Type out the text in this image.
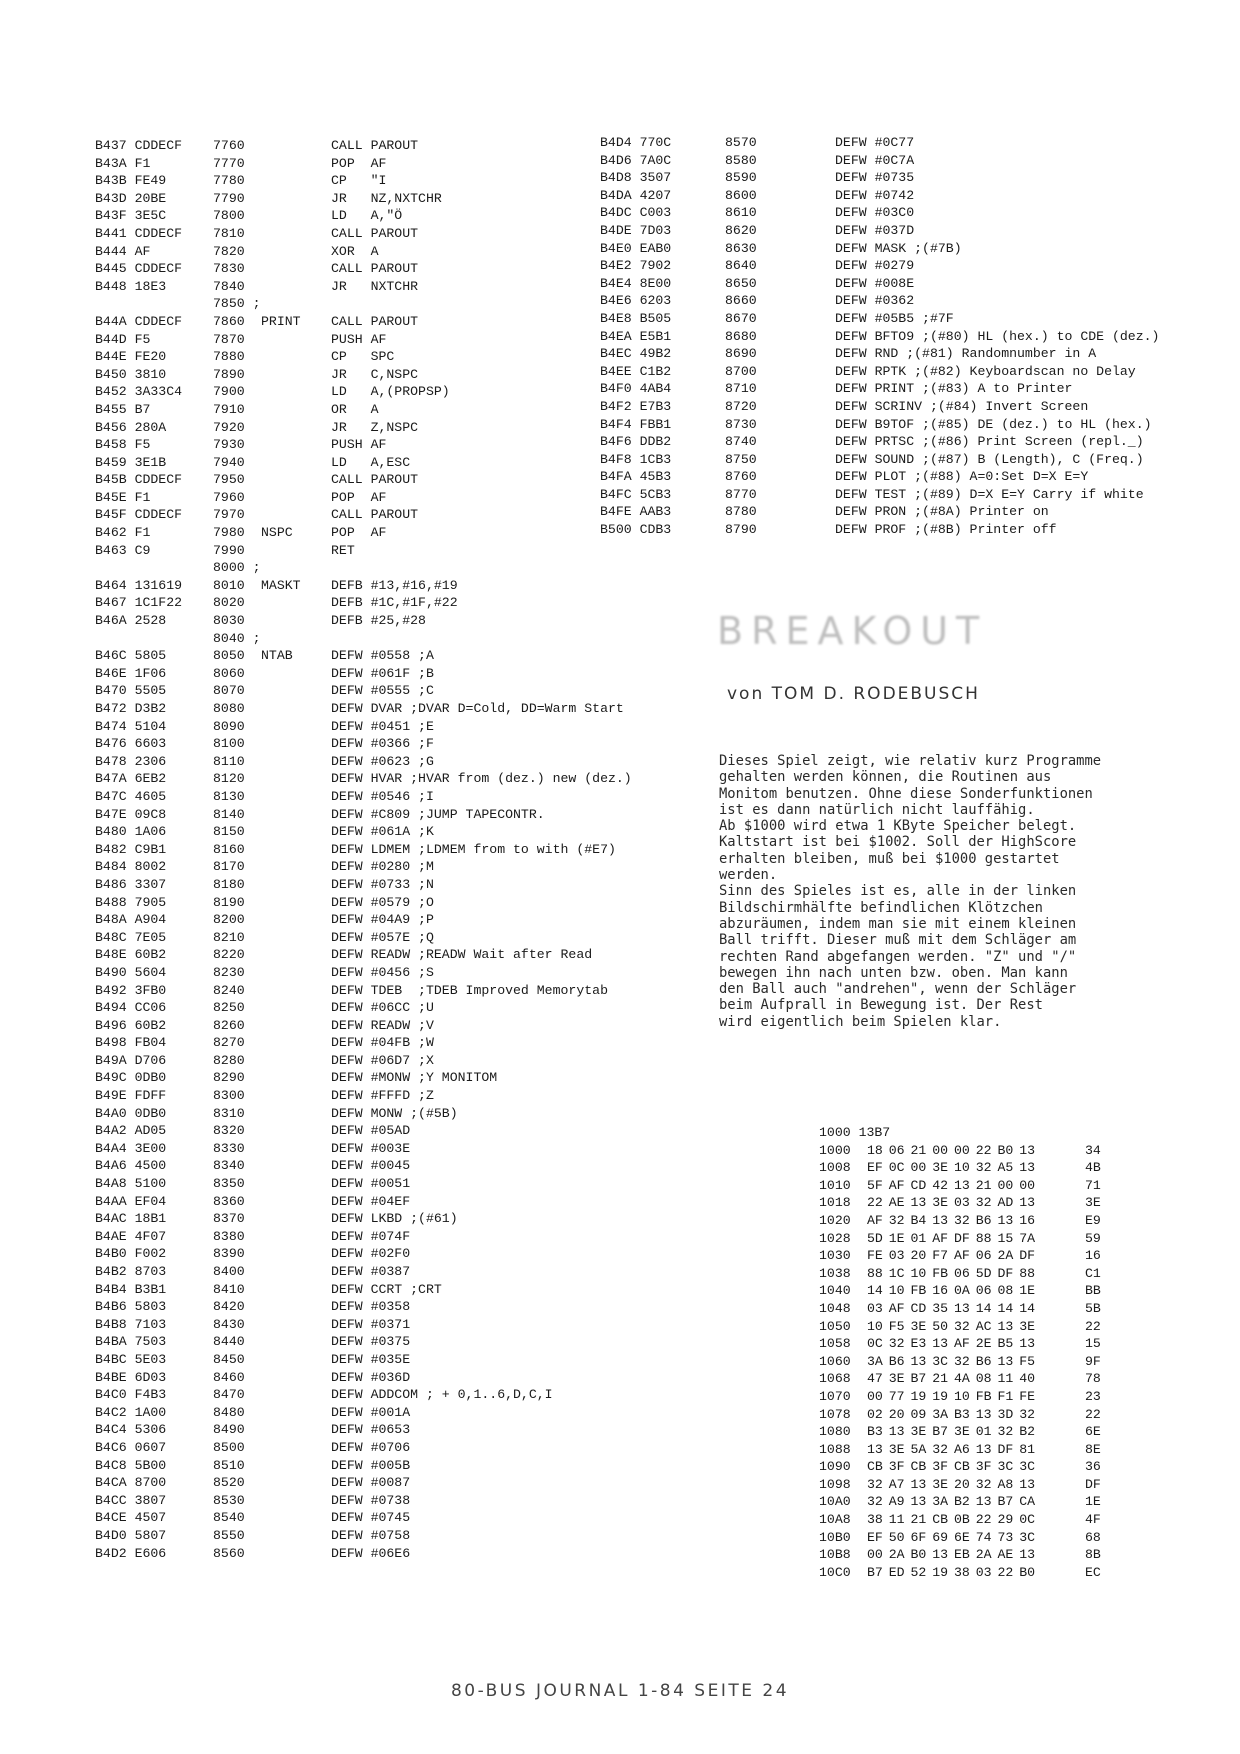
B437 CDDECF	7760	CALL PAROUT
B43A F1	7770	POP  AF
B43B FE49	7780	CP   "I
B43D 20BE	7790	JR   NZ,NXTCHR
B43F 3E5C	7800	LD   A,"Ö
B441 CDDECF	7810	CALL PAROUT
B444 AF	7820	XOR  A
B445 CDDECF	7830	CALL PAROUT
B448 18E3	7840	JR   NXTCHR
7850 ;
B44A CDDECF	7860	PRINT	CALL PAROUT
B44D F5	7870	PUSH AF
B44E FE20	7880	CP   SPC
B450 3810	7890	JR   C,NSPC
B452 3A33C4	7900	LD   A,(PROPSP)
B455 B7	7910	OR   A
B456 280A	7920	JR   Z,NSPC
B458 F5	7930	PUSH AF
B459 3E1B	7940	LD   A,ESC
B45B CDDECF	7950	CALL PAROUT
B45E F1	7960	POP  AF
B45F CDDECF	7970	CALL PAROUT
B462 F1	7980	NSPC	POP  AF
B463 C9	7990	RET
8000 ;
B464 131619	8010	MASKT	DEFB #13,#16,#19
B467 1C1F22	8020	DEFB #1C,#1F,#22
B46A 2528	8030	DEFB #25,#28
8040 ;
B46C 5805	8050	NTAB	DEFW #0558 ;A
B46E 1F06	8060	DEFW #061F ;B
B470 5505	8070	DEFW #0555 ;C
B472 D3B2	8080	DEFW DVAR ;DVAR D=Cold, DD=Warm Start
B474 5104	8090	DEFW #0451 ;E
B476 6603	8100	DEFW #0366 ;F
B478 2306	8110	DEFW #0623 ;G
B47A 6EB2	8120	DEFW HVAR ;HVAR from (dez.) new (dez.)
B47C 4605	8130	DEFW #0546 ;I
B47E 09C8	8140	DEFW #C809 ;JUMP TAPECONTR.
B480 1A06	8150	DEFW #061A ;K
B482 C9B1	8160	DEFW LDMEM ;LDMEM from to with (#E7)
B484 8002	8170	DEFW #0280 ;M
B486 3307	8180	DEFW #0733 ;N
B488 7905	8190	DEFW #0579 ;O
B48A A904	8200	DEFW #04A9 ;P
B48C 7E05	8210	DEFW #057E ;Q
B48E 60B2	8220	DEFW READW ;READW Wait after Read
B490 5604	8230	DEFW #0456 ;S
B492 3FB0	8240	DEFW TDEB  ;TDEB Improved Memorytab
B494 CC06	8250	DEFW #06CC ;U
B496 60B2	8260	DEFW READW ;V
B498 FB04	8270	DEFW #04FB ;W
B49A D706	8280	DEFW #06D7 ;X
B49C 0DB0	8290	DEFW #MONW ;Y MONITOM
B49E FDFF	8300	DEFW #FFFD ;Z
B4A0 0DB0	8310	DEFW MONW ;(#5B)
B4A2 AD05	8320	DEFW #05AD
B4A4 3E00	8330	DEFW #003E
B4A6 4500	8340	DEFW #0045
B4A8 5100	8350	DEFW #0051
B4AA EF04	8360	DEFW #04EF
B4AC 18B1	8370	DEFW LKBD ;(#61)
B4AE 4F07	8380	DEFW #074F
B4B0 F002	8390	DEFW #02F0
B4B2 8703	8400	DEFW #0387
B4B4 B3B1	8410	DEFW CCRT ;CRT
B4B6 5803	8420	DEFW #0358
B4B8 7103	8430	DEFW #0371
B4BA 7503	8440	DEFW #0375
B4BC 5E03	8450	DEFW #035E
B4BE 6D03	8460	DEFW #036D
B4C0 F4B3	8470	DEFW ADDCOM ; + 0,1..6,D,C,I
B4C2 1A00	8480	DEFW #001A
B4C4 5306	8490	DEFW #0653
B4C6 0607	8500	DEFW #0706
B4C8 5B00	8510	DEFW #005B
B4CA 8700	8520	DEFW #0087
B4CC 3807	8530	DEFW #0738
B4CE 4507	8540	DEFW #0745
B4D0 5807	8550	DEFW #0758
B4D2 E606	8560	DEFW #06E6
B4D4 770C	8570	DEFW #0C77
B4D6 7A0C	8580	DEFW #0C7A
B4D8 3507	8590	DEFW #0735
B4DA 4207	8600	DEFW #0742
B4DC C003	8610	DEFW #03C0
B4DE 7D03	8620	DEFW #037D
B4E0 EAB0	8630	DEFW MASK ;(#7B)
B4E2 7902	8640	DEFW #0279
B4E4 8E00	8650	DEFW #008E
B4E6 6203	8660	DEFW #0362
B4E8 B505	8670	DEFW #05B5 ;#7F
B4EA E5B1	8680	DEFW BFTO9 ;(#80) HL (hex.) to CDE (dez.)
B4EC 49B2	8690	DEFW RND ;(#81) Randomnumber in A
B4EE C1B2	8700	DEFW RPTK ;(#82) Keyboardscan no Delay
B4F0 4AB4	8710	DEFW PRINT ;(#83) A to Printer
B4F2 E7B3	8720	DEFW SCRINV ;(#84) Invert Screen
B4F4 FBB1	8730	DEFW B9TOF ;(#85) DE (dez.) to HL (hex.)
B4F6 DDB2	8740	DEFW PRTSC ;(#86) Print Screen (repl._)
B4F8 1CB3	8750	DEFW SOUND ;(#87) B (Length), C (Freq.)
B4FA 45B3	8760	DEFW PLOT ;(#88) A=0:Set D=X E=Y
B4FC 5CB3	8770	DEFW TEST ;(#89) D=X E=Y Carry if white
B4FE AAB3	8780	DEFW PRON ;(#8A) Printer on
B500 CDB3	8790	DEFW PROF ;(#8B) Printer off
BREAKOUT
von TOM D. RODEBUSCH
Dieses Spiel zeigt, wie relativ kurz Programme
gehalten werden können, die Routinen aus
Monitom benutzen. Ohne diese Sonderfunktionen
ist es dann natürlich nicht lauffähig.
Ab $1000 wird etwa 1 KByte Speicher belegt.
Kaltstart ist bei $1002. Soll der HighScore
erhalten bleiben, muß bei $1000 gestartet
werden.
Sinn des Spieles ist es, alle in der linken
Bildschirmhälfte befindlichen Klötzchen
abzuräumen, indem man sie mit einem kleinen
Ball trifft. Dieser muß mit dem Schläger am
rechten Rand abgefangen werden. "Z" und "/"
bewegen ihn nach unten bzw. oben. Man kann
den Ball auch "andrehen", wenn der Schläger
beim Aufprall in Bewegung ist. Der Rest
wird eigentlich beim Spielen klar.
1000 13B7
1000	18 06 21 00 00 22 B0 13	34
1008	EF 0C 00 3E 10 32 A5 13	4B
1010	5F AF CD 42 13 21 00 00	71
1018	22 AE 13 3E 03 32 AD 13	3E
1020	AF 32 B4 13 32 B6 13 16	E9
1028	5D 1E 01 AF DF 88 15 7A	59
1030	FE 03 20 F7 AF 06 2A DF	16
1038	88 1C 10 FB 06 5D DF 88	C1
1040	14 10 FB 16 0A 06 08 1E	BB
1048	03 AF CD 35 13 14 14 14	5B
1050	10 F5 3E 50 32 AC 13 3E	22
1058	0C 32 E3 13 AF 2E B5 13	15
1060	3A B6 13 3C 32 B6 13 F5	9F
1068	47 3E B7 21 4A 08 11 40	78
1070	00 77 19 19 10 FB F1 FE	23
1078	02 20 09 3A B3 13 3D 32	22
1080	B3 13 3E B7 3E 01 32 B2	6E
1088	13 3E 5A 32 A6 13 DF 81	8E
1090	CB 3F CB 3F CB 3F 3C 3C	36
1098	32 A7 13 3E 20 32 A8 13	DF
10A0	32 A9 13 3A B2 13 B7 CA	1E
10A8	38 11 21 CB 0B 22 29 0C	4F
10B0	EF 50 6F 69 6E 74 73 3C	68
10B8	00 2A B0 13 EB 2A AE 13	8B
10C0	B7 ED 52 19 38 03 22 B0	EC
80-BUS JOURNAL 1-84 SEITE 24
